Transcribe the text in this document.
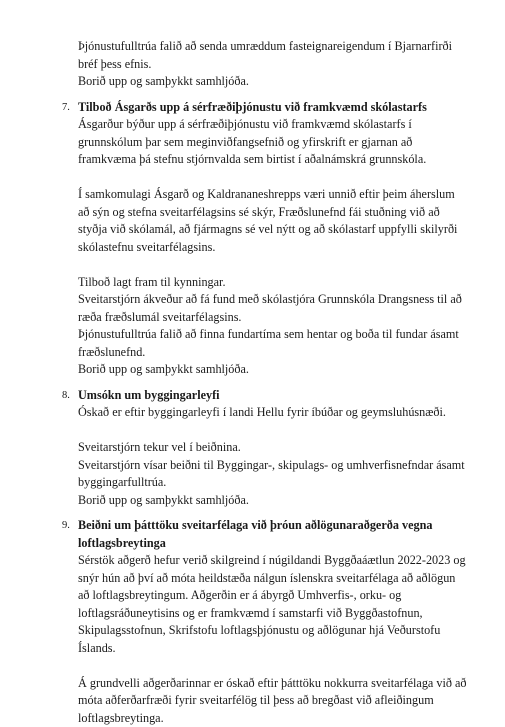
Þjónustufulltrúa falið að senda umræddum fasteignareigendum í Bjarnarfirði
bréf þess efnis.
Borið upp og samþykkt samhljóða.
7. Tilboð Ásgarðs upp á sérfræðiþjónustu við framkvæmd skólastarfs
Ásgarður býður upp á sérfræðiþjónustu við framkvæmd skólastarfs í
grunnskólum þar sem meginviðfangsefnið og yfirskrift er gjarnan að
framkvæma þá stefnu stjórnvalda sem birtist í aðalnámskrá grunnskóla.
Í samkomulagi Ásgarð og Kaldrananeshrepps væri unnið eftir þeim áherslum
að sýn og stefna sveitarfélagsins sé skýr, Fræðslunefnd fái stuðning við að
styðja við skólamál, að fjármagns sé vel nýtt og að skólastarf uppfylli skilyrði
skólastefnu sveitarfélagsins.
Tilboð lagt fram til kynningar.
Sveitarstjórn ákveður að fá fund með skólastjóra Grunnskóla Drangsness til að
ræða fræðslumál sveitarfélagsins.
Þjónustufulltrúa falið að finna fundartíma sem hentar og boða til fundar ásamt
fræðslunefnd.
Borið upp og samþykkt samhljóða.
8. Umsókn um byggingarleyfi
Óskað er eftir byggingarleyfi í landi Hellu fyrir íbúðar og geymsluhúsnæði.
Sveitarstjórn tekur vel í beiðnina.
Sveitarstjórn vísar beiðni til Byggingar-, skipulags- og umhverfisnefndar ásamt
byggingarfulltrúa.
Borið upp og samþykkt samhljóða.
9. Beiðni um þátttöku sveitarfélaga við þróun aðlögunaraðgerða vegna
loftlagsbreytinga
Sérstök aðgerð hefur verið skilgreind í núgildandi Byggðaáætlun 2022-2023 og
snýr hún að því að móta heildstæða nálgun íslenskra sveitarfélaga að aðlögun
að loftlagsbreytingum. Aðgerðin er á ábyrgð Umhverfis-, orku- og
loftlagsráðuneytisins og er framkvæmd í samstarfi við Byggðastofnun,
Skipulagsstofnun, Skrifstofu loftlagsþjónustu og aðlögunar hjá Veðurstofu
Íslands.
Á grundvelli aðgerðarinnar er óskað eftir þátttöku nokkurra sveitarfélaga við að
móta aðferðarfræði fyrir sveitarfélög til þess að bregðast við afleiðingum
loftlagsbreytinga.
